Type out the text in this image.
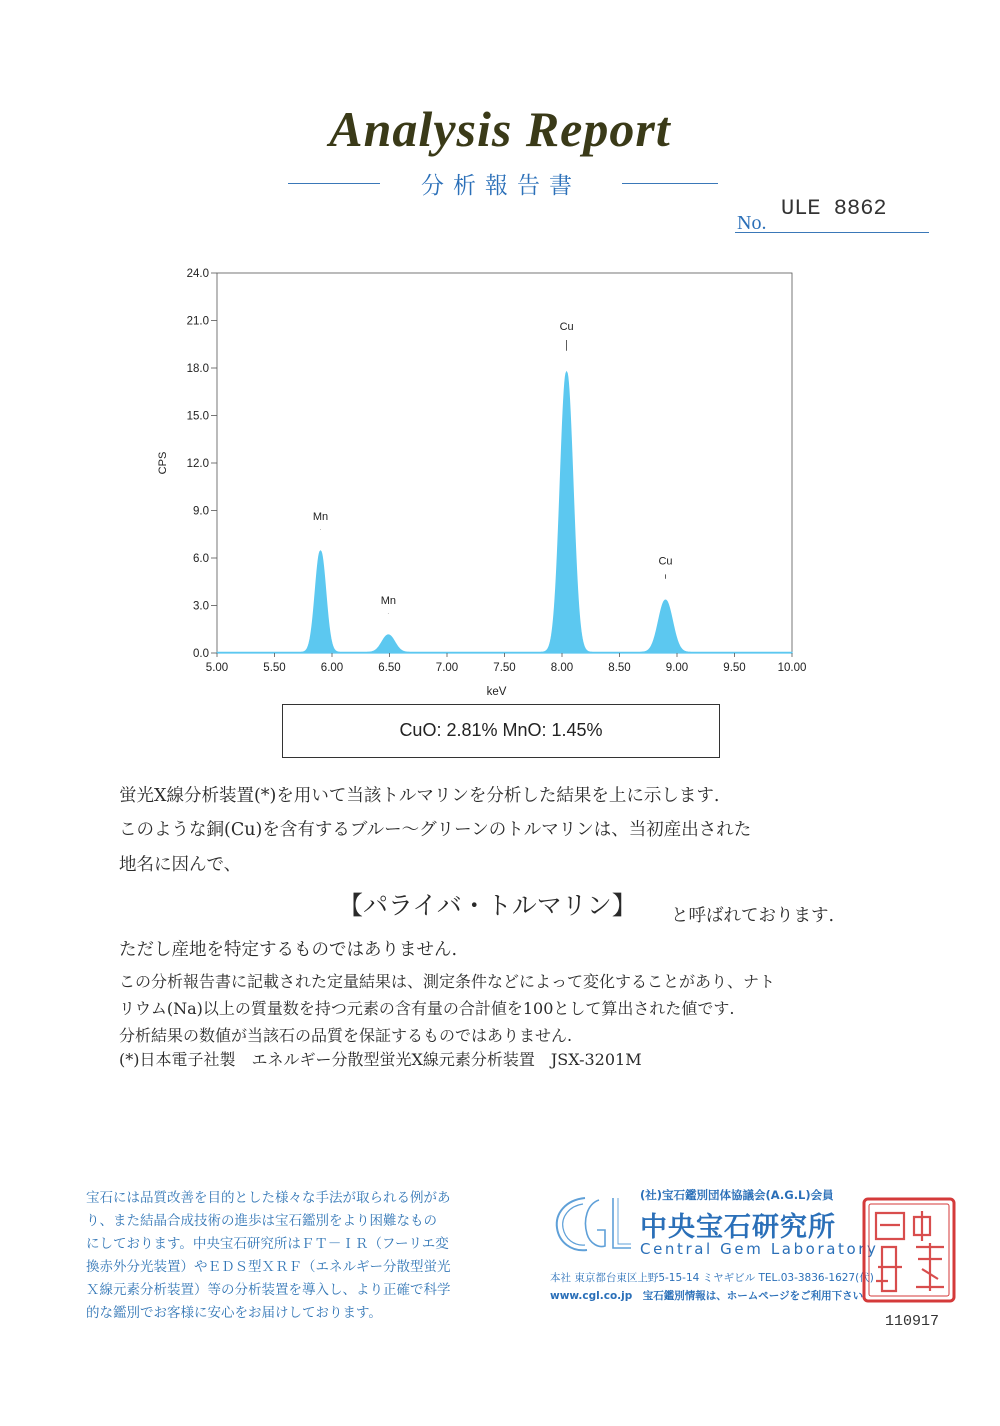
Analysis Report
分析報告書
No.
ULE 8862
Mn
Mn
Cu
Cu
0.0
3.0
6.0
9.0
12.0
15.0
18.0
21.0
24.0
5.00	5.50	6.00	6.50	7.00	7.50	8.00	8.50	9.00	9.50	10.00
keV
CPS
CuO: 2.81% MnO: 1.45%
蛍光X線分析装置(*)を用いて当該トルマリンを分析した結果を上に示します.
このような銅(Cu)を含有するブルー〜グリーンのトルマリンは、当初産出された
地名に因んで、
【パライバ・トルマリン】 と呼ばれております.
ただし産地を特定するものではありません.
この分析報告書に記載された定量結果は、測定条件などによって変化することがあり、ナト
リウム(Na)以上の質量数を持つ元素の含有量の合計値を100として算出された値です.
分析結果の数値が当該石の品質を保証するものではありません.
(*)日本電子社製　エネルギー分散型蛍光X線元素分析装置　JSX-3201M
宝石には品質改善を目的とした様々な手法が取られる例があ
り、また結晶合成技術の進歩は宝石鑑別をより困難なもの
にしております。中央宝石研究所はＦＴ－ＩＲ（フーリエ変
換赤外分光装置）やＥＤＳ型ＸＲＦ（エネルギー分散型蛍光
Ｘ線元素分析装置）等の分析装置を導入し、より正確で科学
的な鑑別でお客様に安心をお届けしております。
(社)宝石鑑別団体協議会(A.G.L)会員
中央宝石研究所
Central Gem Laboratory
本社 東京都台東区上野5-15-14 ミヤギビル TEL.03-3836-1627(代)
www.cgl.co.jp　宝石鑑別情報は、ホームページをご利用下さい
110917
